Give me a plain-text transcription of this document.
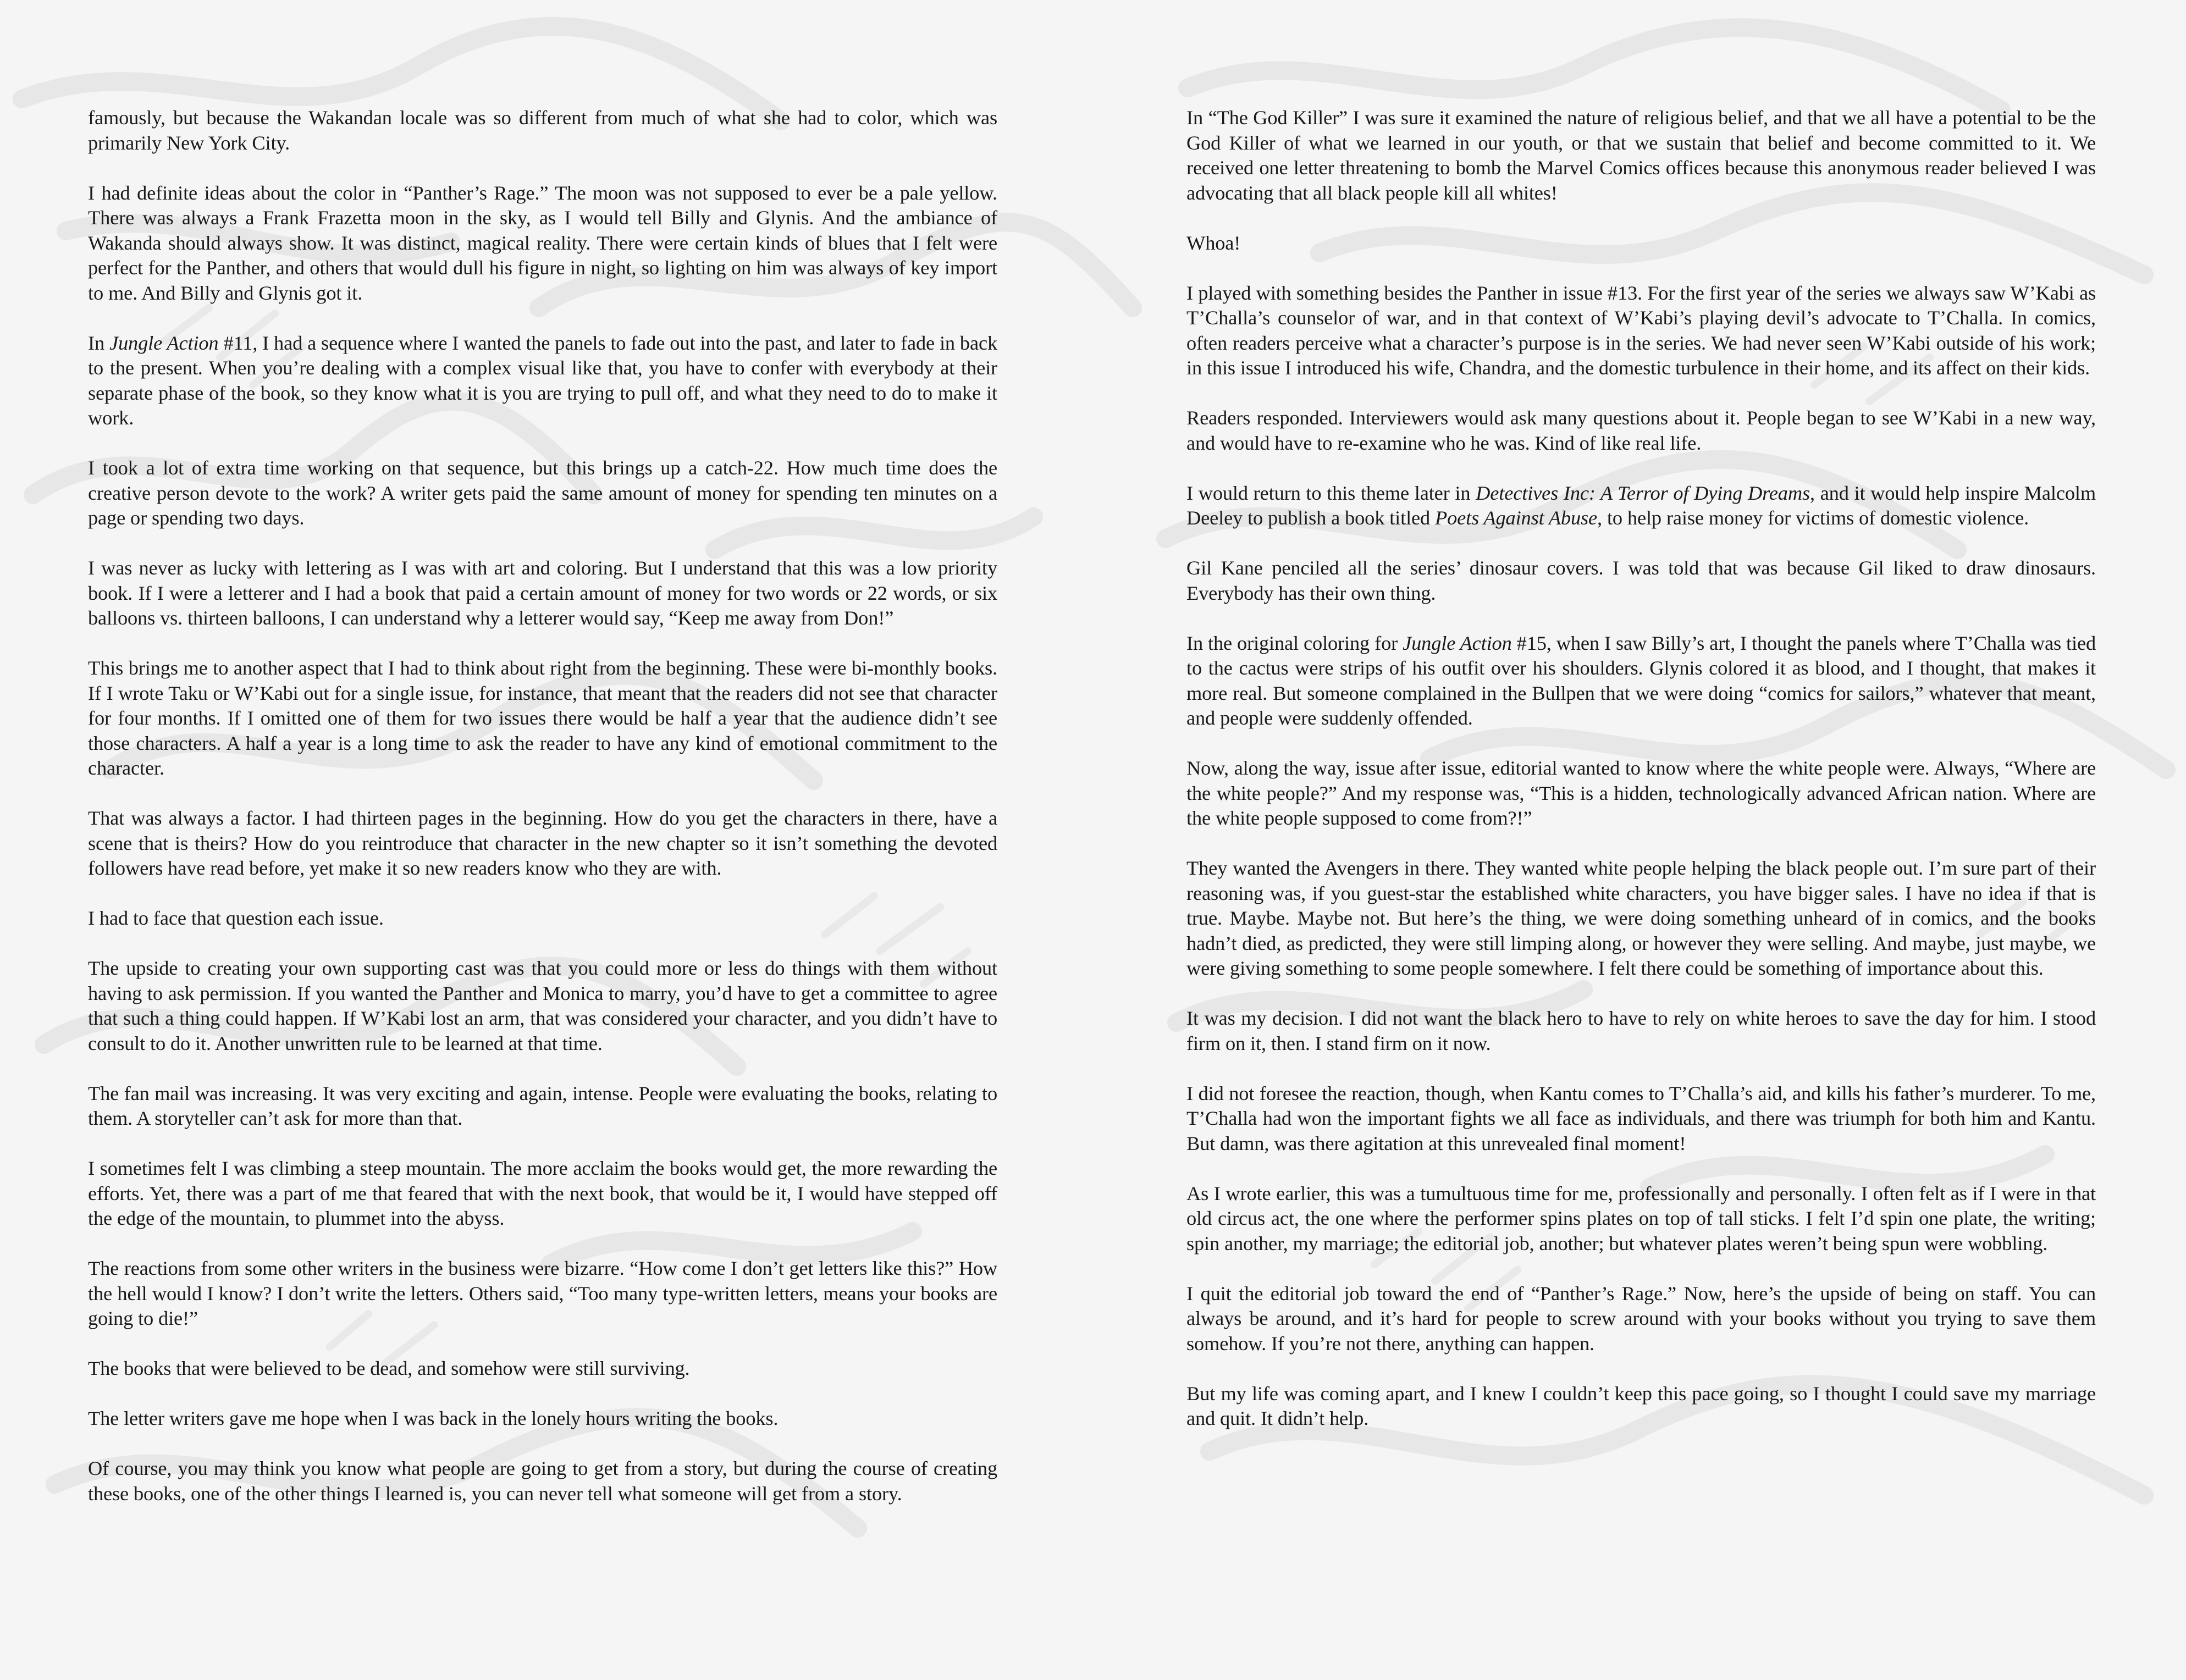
famously, but because the Wakandan locale was so different from much of what she had to color, which was primarily New York City.

I had definite ideas about the color in “Panther’s Rage.” The moon was not supposed to ever be a pale yellow. There was always a Frank Frazetta moon in the sky, as I would tell Billy and Glynis. And the ambiance of Wakanda should always show. It was distinct, magical reality. There were certain kinds of blues that I felt were perfect for the Panther, and others that would dull his figure in night, so lighting on him was always of key import to me. And Billy and Glynis got it.

In Jungle Action #11, I had a sequence where I wanted the panels to fade out into the past, and later to fade in back to the present. When you’re dealing with a complex visual like that, you have to confer with everybody at their separate phase of the book, so they know what it is you are trying to pull off, and what they need to do to make it work.

I took a lot of extra time working on that sequence, but this brings up a catch-22. How much time does the creative person devote to the work? A writer gets paid the same amount of money for spending ten minutes on a page or spending two days.

I was never as lucky with lettering as I was with art and coloring. But I understand that this was a low priority book. If I were a letterer and I had a book that paid a certain amount of money for two words or 22 words, or six balloons vs. thirteen balloons, I can understand why a letterer would say, “Keep me away from Don!”

This brings me to another aspect that I had to think about right from the beginning. These were bi-monthly books. If I wrote Taku or W’Kabi out for a single issue, for instance, that meant that the readers did not see that character for four months. If I omitted one of them for two issues there would be half a year that the audience didn’t see those characters. A half a year is a long time to ask the reader to have any kind of emotional commitment to the character.

That was always a factor. I had thirteen pages in the beginning. How do you get the characters in there, have a scene that is theirs? How do you reintroduce that character in the new chapter so it isn’t something the devoted followers have read before, yet make it so new readers know who they are with.

I had to face that question each issue.

The upside to creating your own supporting cast was that you could more or less do things with them without having to ask permission. If you wanted the Panther and Monica to marry, you’d have to get a committee to agree that such a thing could happen. If W’Kabi lost an arm, that was considered your character, and you didn’t have to consult to do it. Another unwritten rule to be learned at that time.

The fan mail was increasing. It was very exciting and again, intense. People were evaluating the books, relating to them. A storyteller can’t ask for more than that.

I sometimes felt I was climbing a steep mountain. The more acclaim the books would get, the more rewarding the efforts. Yet, there was a part of me that feared that with the next book, that would be it, I would have stepped off the edge of the mountain, to plummet into the abyss.

The reactions from some other writers in the business were bizarre. “How come I don’t get letters like this?” How the hell would I know? I don’t write the letters. Others said, “Too many type-written letters, means your books are going to die!”

The books that were believed to be dead, and somehow were still surviving.

The letter writers gave me hope when I was back in the lonely hours writing the books.

Of course, you may think you know what people are going to get from a story, but during the course of creating these books, one of the other things I learned is, you can never tell what someone will get from a story.

In “The God Killer” I was sure it examined the nature of religious belief, and that we all have a potential to be the God Killer of what we learned in our youth, or that we sustain that belief and become committed to it. We received one letter threatening to bomb the Marvel Comics offices because this anonymous reader believed I was advocating that all black people kill all whites!

Whoa!

I played with something besides the Panther in issue #13. For the first year of the series we always saw W’Kabi as T’Challa’s counselor of war, and in that context of W’Kabi’s playing devil’s advocate to T’Challa. In comics, often readers perceive what a character’s purpose is in the series. We had never seen W’Kabi outside of his work; in this issue I introduced his wife, Chandra, and the domestic turbulence in their home, and its affect on their kids.

Readers responded. Interviewers would ask many questions about it. People began to see W’Kabi in a new way, and would have to re-examine who he was. Kind of like real life.

I would return to this theme later in Detectives Inc: A Terror of Dying Dreams, and it would help inspire Malcolm Deeley to publish a book titled Poets Against Abuse, to help raise money for victims of domestic violence.

Gil Kane penciled all the series’ dinosaur covers. I was told that was because Gil liked to draw dinosaurs. Everybody has their own thing.

In the original coloring for Jungle Action #15, when I saw Billy’s art, I thought the panels where T’Challa was tied to the cactus were strips of his outfit over his shoulders. Glynis colored it as blood, and I thought, that makes it more real. But someone complained in the Bullpen that we were doing “comics for sailors,” whatever that meant, and people were suddenly offended.

Now, along the way, issue after issue, editorial wanted to know where the white people were. Always, “Where are the white people?” And my response was, “This is a hidden, technologically advanced African nation. Where are the white people supposed to come from?!”

They wanted the Avengers in there. They wanted white people helping the black people out. I’m sure part of their reasoning was, if you guest-star the established white characters, you have bigger sales. I have no idea if that is true. Maybe. Maybe not. But here’s the thing, we were doing something unheard of in comics, and the books hadn’t died, as predicted, they were still limping along, or however they were selling. And maybe, just maybe, we were giving something to some people somewhere. I felt there could be something of importance about this.

It was my decision. I did not want the black hero to have to rely on white heroes to save the day for him. I stood firm on it, then. I stand firm on it now.

I did not foresee the reaction, though, when Kantu comes to T’Challa’s aid, and kills his father’s murderer. To me, T’Challa had won the important fights we all face as individuals, and there was triumph for both him and Kantu. But damn, was there agitation at this unrevealed final moment!

As I wrote earlier, this was a tumultuous time for me, professionally and personally. I often felt as if I were in that old circus act, the one where the performer spins plates on top of tall sticks. I felt I’d spin one plate, the writing; spin another, my marriage; the editorial job, another; but whatever plates weren’t being spun were wobbling.

I quit the editorial job toward the end of “Panther’s Rage.” Now, here’s the upside of being on staff. You can always be around, and it’s hard for people to screw around with your books without you trying to save them somehow. If you’re not there, anything can happen.

But my life was coming apart, and I knew I couldn’t keep this pace going, so I thought I could save my marriage and quit. It didn’t help.
